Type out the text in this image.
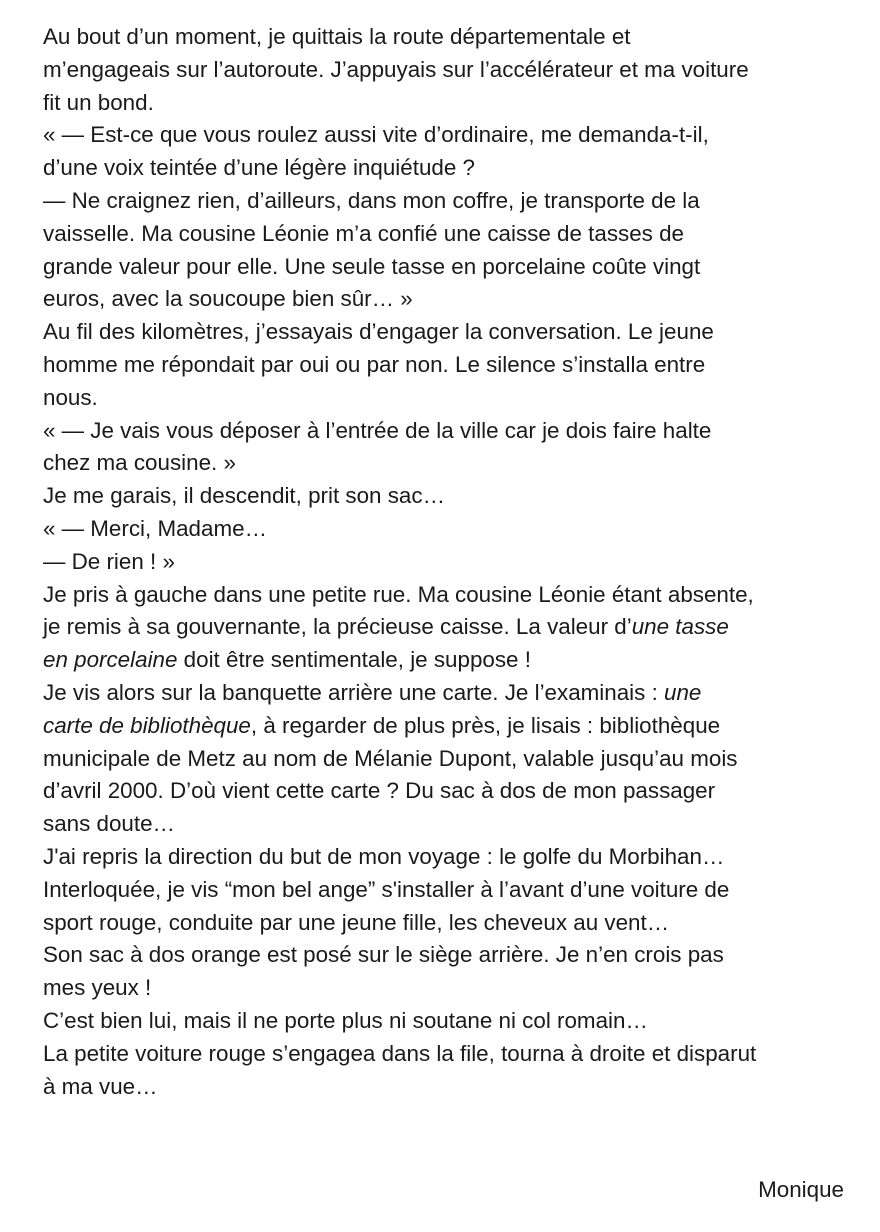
Au bout d’un moment, je quittais la route départementale et
m’engageais sur l’autoroute. J’appuyais sur l’accélérateur et ma voiture
fit un bond.
« — Est-ce que vous roulez aussi vite d’ordinaire, me demanda-t-il,
d’une voix teintée d’une légère inquiétude ?
— Ne craignez rien, d’ailleurs, dans mon coffre, je transporte de la
vaisselle. Ma cousine Léonie m’a confié une caisse de tasses de
grande valeur pour elle. Une seule tasse en porcelaine coûte vingt
euros, avec la soucoupe bien sûr… »
Au fil des kilomètres, j’essayais d’engager la conversation. Le jeune
homme me répondait par oui ou par non. Le silence s’installa entre
nous.
« — Je vais vous déposer à l’entrée de la ville car je dois faire halte
chez ma cousine. »
Je me garais, il descendit, prit son sac…
« — Merci, Madame…
— De rien ! »
Je pris à gauche dans une petite rue. Ma cousine Léonie étant absente,
je remis à sa gouvernante, la précieuse caisse. La valeur d’une tasse
en porcelaine doit être sentimentale, je suppose !
Je vis alors sur la banquette arrière une carte. Je l’examinais : une
carte de bibliothèque, à regarder de plus près, je lisais : bibliothèque
municipale de Metz au nom de Mélanie Dupont, valable jusqu’au mois
d’avril 2000. D’où vient cette carte ? Du sac à dos de mon passager
sans doute…
J'ai repris la direction du but de mon voyage : le golfe du Morbihan…
Interloquée, je vis “mon bel ange” s'installer à l’avant d’une voiture de
sport rouge, conduite par une jeune fille, les cheveux au vent…
Son sac à dos orange est posé sur le siège arrière. Je n’en crois pas
mes yeux !
C’est bien lui, mais il ne porte plus ni soutane ni col romain…
La petite voiture rouge s’engagea dans la file, tourna à droite et disparut
à ma vue…
Monique
